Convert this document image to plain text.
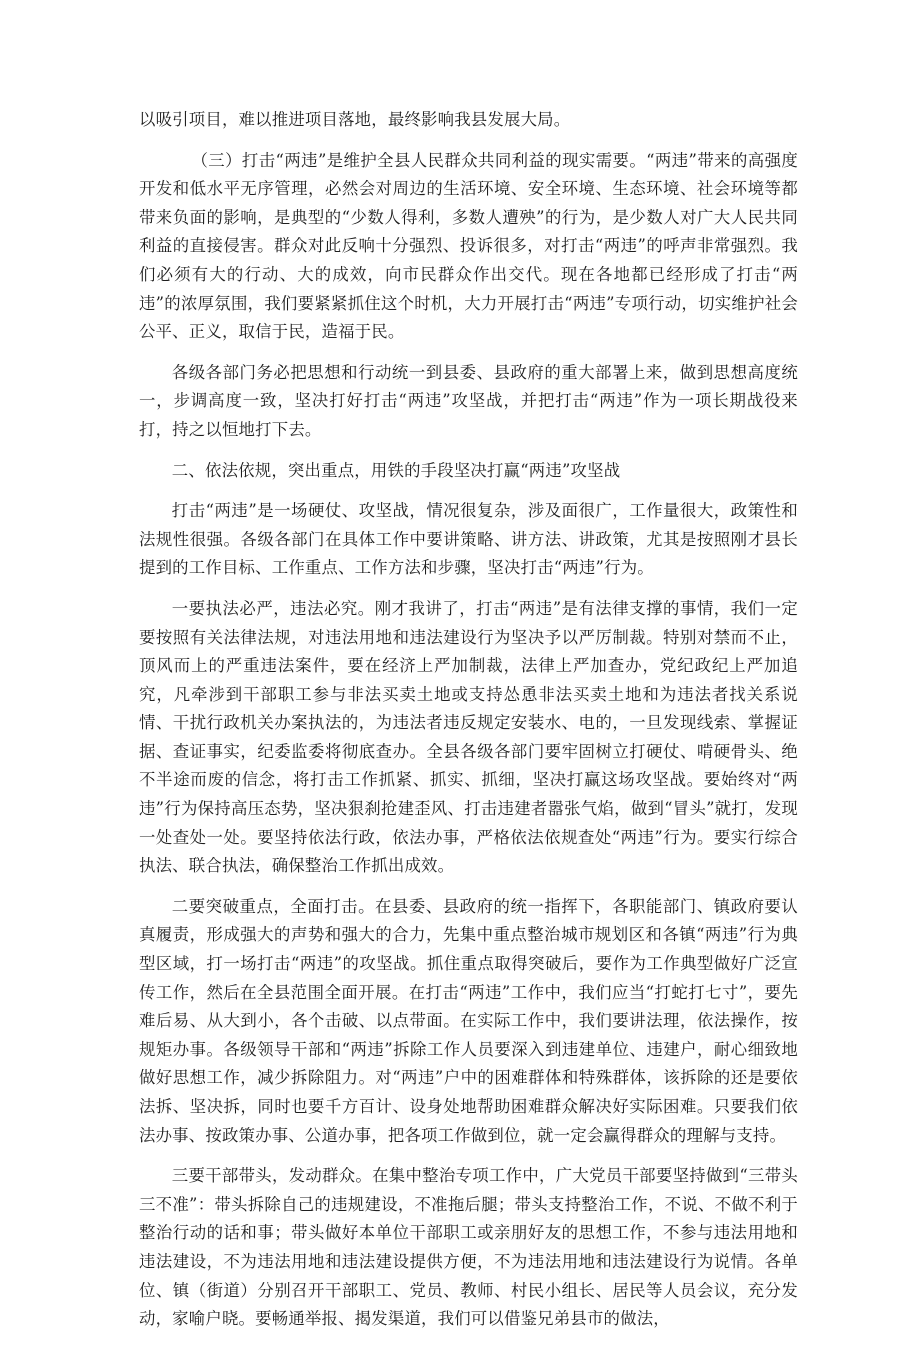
以吸引项目，难以推进项目落地，最终影响我县发展大局。

（三）打击“两违”是维护全县人民群众共同利益的现实需要。“两违”带来的高强度开发和低水平无序管理，必然会对周边的生活环境、安全环境、生态环境、社会环境等都带来负面的影响，是典型的“少数人得利，多数人遭殃”的行为，是少数人对广大人民共同利益的直接侵害。群众对此反响十分强烈、投诉很多，对打击“两违”的呼声非常强烈。我们必须有大的行动、大的成效，向市民群众作出交代。现在各地都已经形成了打击“两违”的浓厚氛围，我们要紧紧抓住这个时机，大力开展打击“两违”专项行动，切实维护社会公平、正义，取信于民，造福于民。

各级各部门务必把思想和行动统一到县委、县政府的重大部署上来，做到思想高度统一，步调高度一致，坚决打好打击“两违”攻坚战，并把打击“两违”作为一项长期战役来打，持之以恒地打下去。

二、依法依规，突出重点，用铁的手段坚决打赢“两违”攻坚战

打击“两违”是一场硬仗、攻坚战，情况很复杂，涉及面很广，工作量很大，政策性和法规性很强。各级各部门在具体工作中要讲策略、讲方法、讲政策，尤其是按照刚才县长提到的工作目标、工作重点、工作方法和步骤，坚决打击“两违”行为。

一要执法必严，违法必究。刚才我讲了，打击“两违”是有法律支撑的事情，我们一定要按照有关法律法规，对违法用地和违法建设行为坚决予以严厉制裁。特别对禁而不止，顶风而上的严重违法案件，要在经济上严加制裁，法律上严加查办，党纪政纪上严加追究，凡牵涉到干部职工参与非法买卖土地或支持怂恿非法买卖土地和为违法者找关系说情、干扰行政机关办案执法的，为违法者违反规定安装水、电的，一旦发现线索、掌握证据、查证事实，纪委监委将彻底查办。全县各级各部门要牢固树立打硬仗、啃硬骨头、绝不半途而废的信念，将打击工作抓紧、抓实、抓细，坚决打赢这场攻坚战。要始终对“两违”行为保持高压态势，坚决狠刹抢建歪风、打击违建者嚣张气焰，做到“冒头”就打，发现一处查处一处。要坚持依法行政，依法办事，严格依法依规查处“两违”行为。要实行综合执法、联合执法，确保整治工作抓出成效。

二要突破重点，全面打击。在县委、县政府的统一指挥下，各职能部门、镇政府要认真履责，形成强大的声势和强大的合力，先集中重点整治城市规划区和各镇“两违”行为典型区域，打一场打击“两违”的攻坚战。抓住重点取得突破后，要作为工作典型做好广泛宣传工作，然后在全县范围全面开展。在打击“两违”工作中，我们应当“打蛇打七寸”，要先难后易、从大到小，各个击破、以点带面。在实际工作中，我们要讲法理，依法操作，按规矩办事。各级领导干部和“两违”拆除工作人员要深入到违建单位、违建户，耐心细致地做好思想工作，减少拆除阻力。对“两违”户中的困难群体和特殊群体，该拆除的还是要依法拆、坚决拆，同时也要千方百计、设身处地帮助困难群众解决好实际困难。只要我们依法办事、按政策办事、公道办事，把各项工作做到位，就一定会赢得群众的理解与支持。

三要干部带头，发动群众。在集中整治专项工作中，广大党员干部要坚持做到“三带头三不准”：带头拆除自己的违规建设，不准拖后腿；带头支持整治工作，不说、不做不利于整治行动的话和事；带头做好本单位干部职工或亲朋好友的思想工作，不参与违法用地和违法建设，不为违法用地和违法建设提供方便，不为违法用地和违法建设行为说情。各单位、镇（街道）分别召开干部职工、党员、教师、村民小组长、居民等人员会议，充分发动，家喻户晓。要畅通举报、揭发渠道，我们可以借鉴兄弟县市的做法，
